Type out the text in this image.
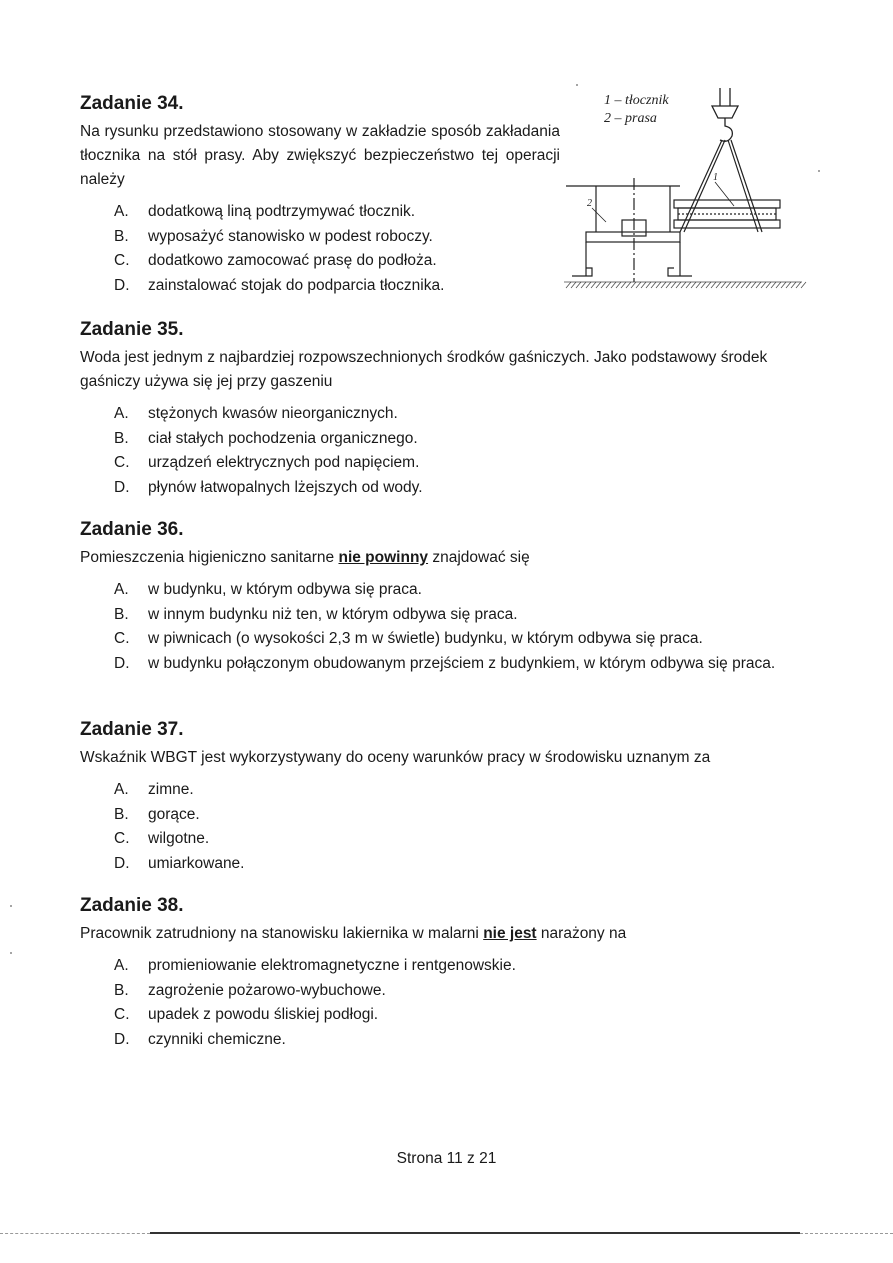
Zadanie 34.

Na rysunku przedstawiono stosowany w zakładzie sposób zakładania tłocznika na stół prasy. Aby zwiększyć bezpieczeństwo tej operacji należy

A. dodatkową liną podtrzymywać tłocznik.
B. wyposażyć stanowisko w podest roboczy.
C. dodatkowo zamocować prasę do podłoża.
D. zainstalować stojak do podparcia tłocznika.
1 – tłocznik
2 – prasa
1
2
Zadanie 35.

Woda jest jednym z najbardziej rozpowszechnionych środków gaśniczych. Jako podstawowy środek gaśniczy używa się jej przy gaszeniu

A. stężonych kwasów nieorganicznych.
B. ciał stałych pochodzenia organicznego.
C. urządzeń elektrycznych pod napięciem.
D. płynów łatwopalnych lżejszych od wody.
Zadanie 36.

Pomieszczenia higieniczno sanitarne nie powinny znajdować się

A. w budynku, w którym odbywa się praca.
B. w innym budynku niż ten, w którym odbywa się praca.
C. w piwnicach (o wysokości 2,3 m w świetle) budynku, w którym odbywa się praca.
D. w budynku połączonym obudowanym przejściem z budynkiem, w którym odbywa się praca.
Zadanie 37.

Wskaźnik WBGT jest wykorzystywany do oceny warunków pracy w środowisku uznanym za

A. zimne.
B. gorące.
C. wilgotne.
D. umiarkowane.
Zadanie 38.

Pracownik zatrudniony na stanowisku lakiernika w malarni nie jest narażony na

A. promieniowanie elektromagnetyczne i rentgenowskie.
B. zagrożenie pożarowo-wybuchowe.
C. upadek z powodu śliskiej podłogi.
D. czynniki chemiczne.
Strona 11 z 21
